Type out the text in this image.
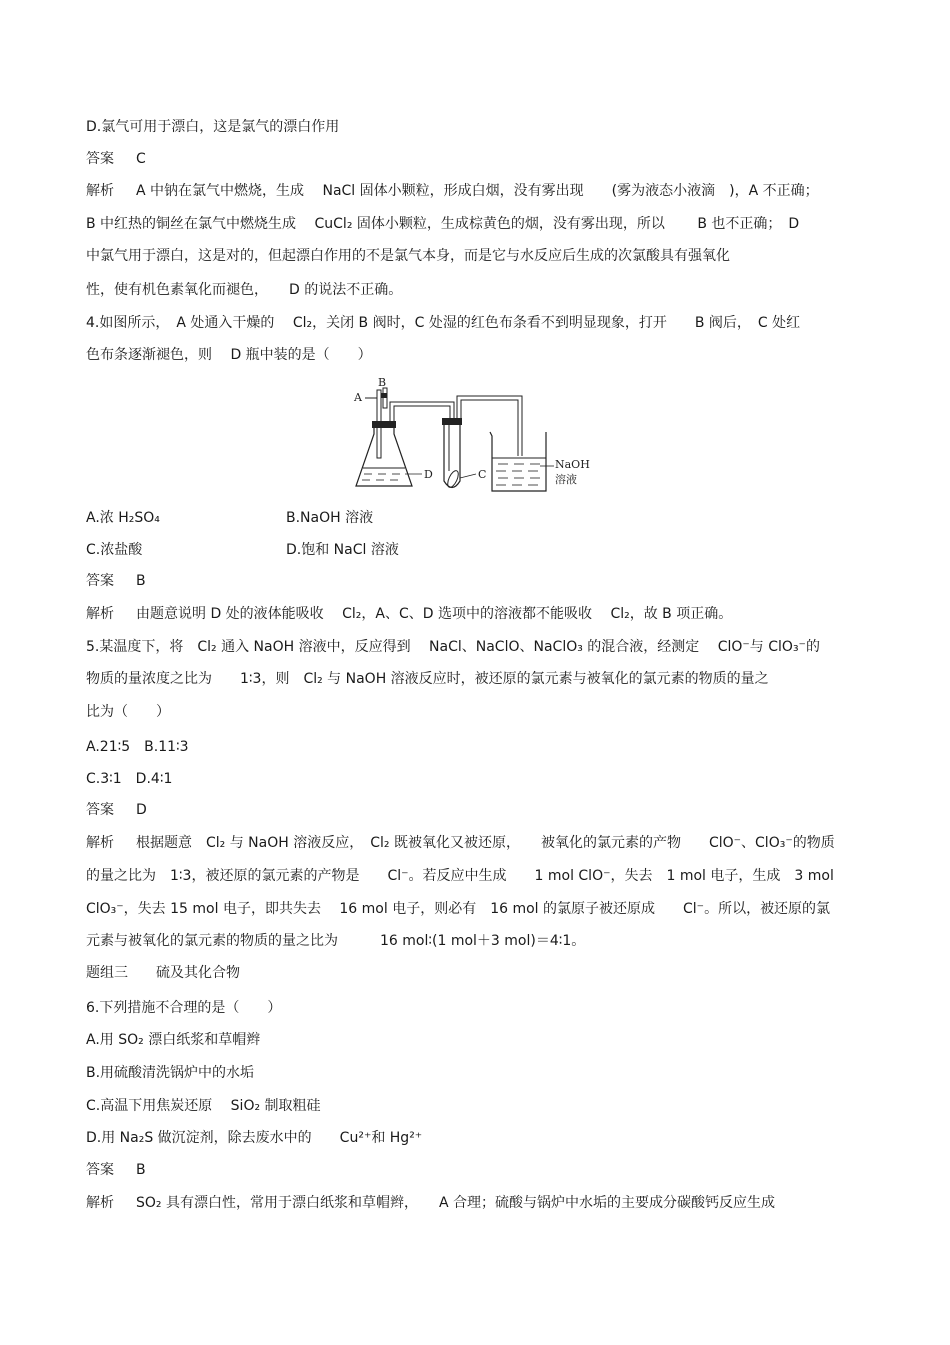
D.氯气可用于漂白，这是氯气的漂白作用
答案 C
解析 A 中钠在氯气中燃烧，生成　 NaCl 固体小颗粒，形成白烟，没有雾出现　　(雾为液态小液滴　)，A 不正确；
B 中红热的铜丝在氯气中燃烧生成　 CuCl₂ 固体小颗粒，生成棕黄色的烟，没有雾出现，所以　　 B 也不正确；　D
中氯气用于漂白，这是对的，但起漂白作用的不是氯气本身，而是它与水反应后生成的次氯酸具有强氧化
性，使有机色素氧化而褪色，　　D 的说法不正确。
4.如图所示，　A 处通入干燥的　 Cl₂，关闭 B 阀时，C 处湿的红色布条看不到明显现象，打开　　B 阀后，　C 处红
色布条逐渐褪色，则　 D 瓶中装的是（　　）
A
B
D	C
NaOH
溶液
A.浓 H₂SO₄	B.NaOH 溶液
C.浓盐酸	D.饱和 NaCl 溶液
答案 B
解析 由题意说明 D 处的液体能吸收　 Cl₂，A、C、D 选项中的溶液都不能吸收　 Cl₂，故 B 项正确。
5.某温度下，将　Cl₂ 通入 NaOH 溶液中，反应得到　 NaCl、NaClO、NaClO₃ 的混合液，经测定　 ClO⁻与 ClO₃⁻的
物质的量浓度之比为　　1∶3，则　Cl₂ 与 NaOH 溶液反应时，被还原的氯元素与被氧化的氯元素的物质的量之
比为（　　）
A.21∶5　B.11∶3
C.3∶1　D.4∶1
答案 D
解析 根据题意　Cl₂ 与 NaOH 溶液反应，　Cl₂ 既被氧化又被还原，　　被氧化的氯元素的产物　　ClO⁻、ClO₃⁻的物质
的量之比为　1∶3，被还原的氯元素的产物是　　Cl⁻。若反应中生成　　1 mol ClO⁻，失去　1 mol 电子，生成　3 mol
ClO₃⁻，失去 15 mol 电子，即共失去　 16 mol 电子，则必有　16 mol 的氯原子被还原成　　Cl⁻。所以，被还原的氯
元素与被氧化的氯元素的物质的量之比为　　　16 mol∶(1 mol＋3 mol)＝4∶1。
题组三　　硫及其化合物
6.下列措施不合理的是（　　）
A.用 SO₂ 漂白纸浆和草帽辫
B.用硫酸清洗锅炉中的水垢
C.高温下用焦炭还原　 SiO₂ 制取粗硅
D.用 Na₂S 做沉淀剂，除去废水中的　　Cu²⁺和 Hg²⁺
答案 B
解析 SO₂ 具有漂白性，常用于漂白纸浆和草帽辫，　　A 合理；硫酸与锅炉中水垢的主要成分碳酸钙反应生成
